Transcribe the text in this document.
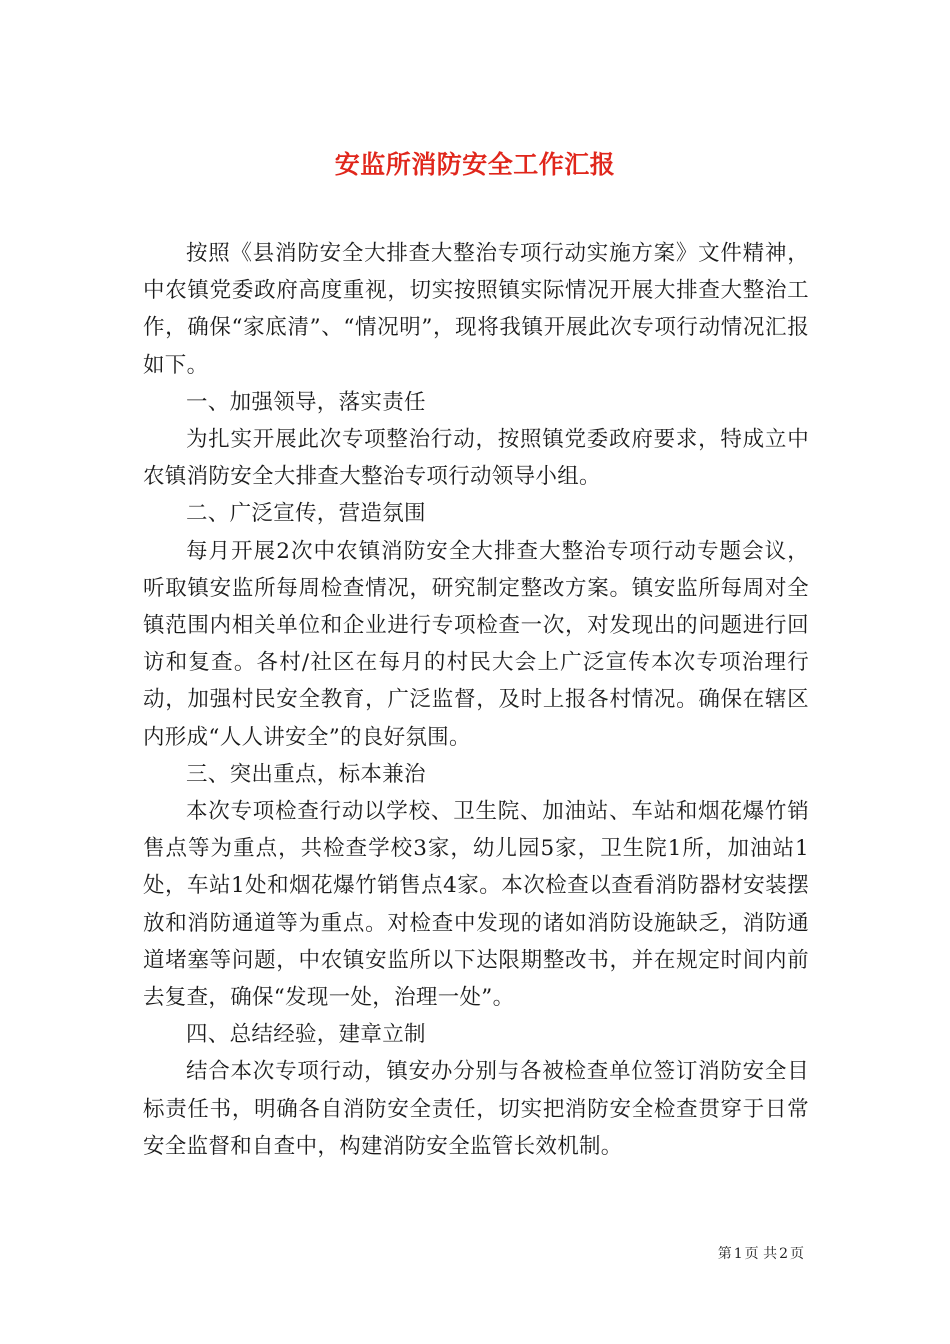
安监所消防安全工作汇报

按照《县消防安全大排查大整治专项行动实施方案》文件精神，中农镇党委政府高度重视，切实按照镇实际情况开展大排查大整治工作，确保“家底清”、“情况明”，现将我镇开展此次专项行动情况汇报如下。

一、加强领导，落实责任

为扎实开展此次专项整治行动，按照镇党委政府要求，特成立中农镇消防安全大排查大整治专项行动领导小组。

二、广泛宣传，营造氛围

每月开展2次中农镇消防安全大排查大整治专项行动专题会议，听取镇安监所每周检查情况，研究制定整改方案。镇安监所每周对全镇范围内相关单位和企业进行专项检查一次，对发现出的问题进行回访和复查。各村/社区在每月的村民大会上广泛宣传本次专项治理行动，加强村民安全教育，广泛监督，及时上报各村情况。确保在辖区内形成“人人讲安全”的良好氛围。

三、突出重点，标本兼治

本次专项检查行动以学校、卫生院、加油站、车站和烟花爆竹销售点等为重点，共检查学校3家，幼儿园5家，卫生院1所，加油站1处，车站1处和烟花爆竹销售点4家。本次检查以查看消防器材安装摆放和消防通道等为重点。对检查中发现的诸如消防设施缺乏，消防通道堵塞等问题，中农镇安监所以下达限期整改书，并在规定时间内前去复查，确保“发现一处，治理一处”。

四、总结经验，建章立制

结合本次专项行动，镇安办分别与各被检查单位签订消防安全目标责任书，明确各自消防安全责任，切实把消防安全检查贯穿于日常安全监督和自查中，构建消防安全监管长效机制。

第 1 页 共 2 页
